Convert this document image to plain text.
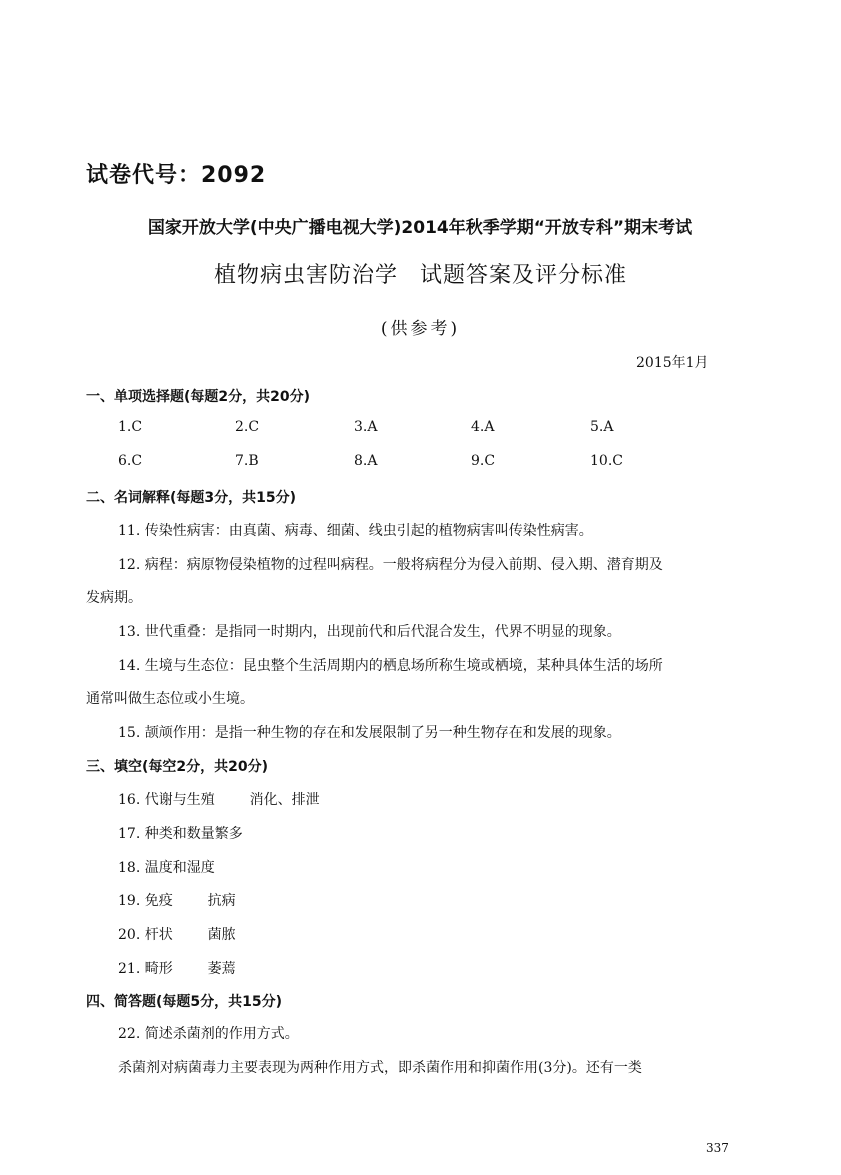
试卷代号：2092
国家开放大学(中央广播电视大学)2014年秋季学期“开放专科”期末考试
植物病虫害防治学 试题答案及评分标准
(供参考)
2015年1月
一、单项选择题(每题2分，共20分)
1.C	2.C	3.A	4.A	5.A
6.C	7.B	8.A	9.C	10.C
二、名词解释(每题3分，共15分)
11. 传染性病害：由真菌、病毒、细菌、线虫引起的植物病害叫传染性病害。
12. 病程：病原物侵染植物的过程叫病程。一般将病程分为侵入前期、侵入期、潜育期及
发病期。
13. 世代重叠：是指同一时期内，出现前代和后代混合发生，代界不明显的现象。
14. 生境与生态位：昆虫整个生活周期内的栖息场所称生境或栖境，某种具体生活的场所
通常叫做生态位或小生境。
15. 颉颃作用：是指一种生物的存在和发展限制了另一种生物存在和发展的现象。
三、填空(每空2分，共20分)
16. 代谢与生殖 消化、排泄
17. 种类和数量繁多
18. 温度和湿度
19. 免疫 抗病
20. 杆状 菌脓
21. 畸形 萎蔫
四、简答题(每题5分，共15分)
22. 简述杀菌剂的作用方式。
杀菌剂对病菌毒力主要表现为两种作用方式，即杀菌作用和抑菌作用(3分)。还有一类
337
